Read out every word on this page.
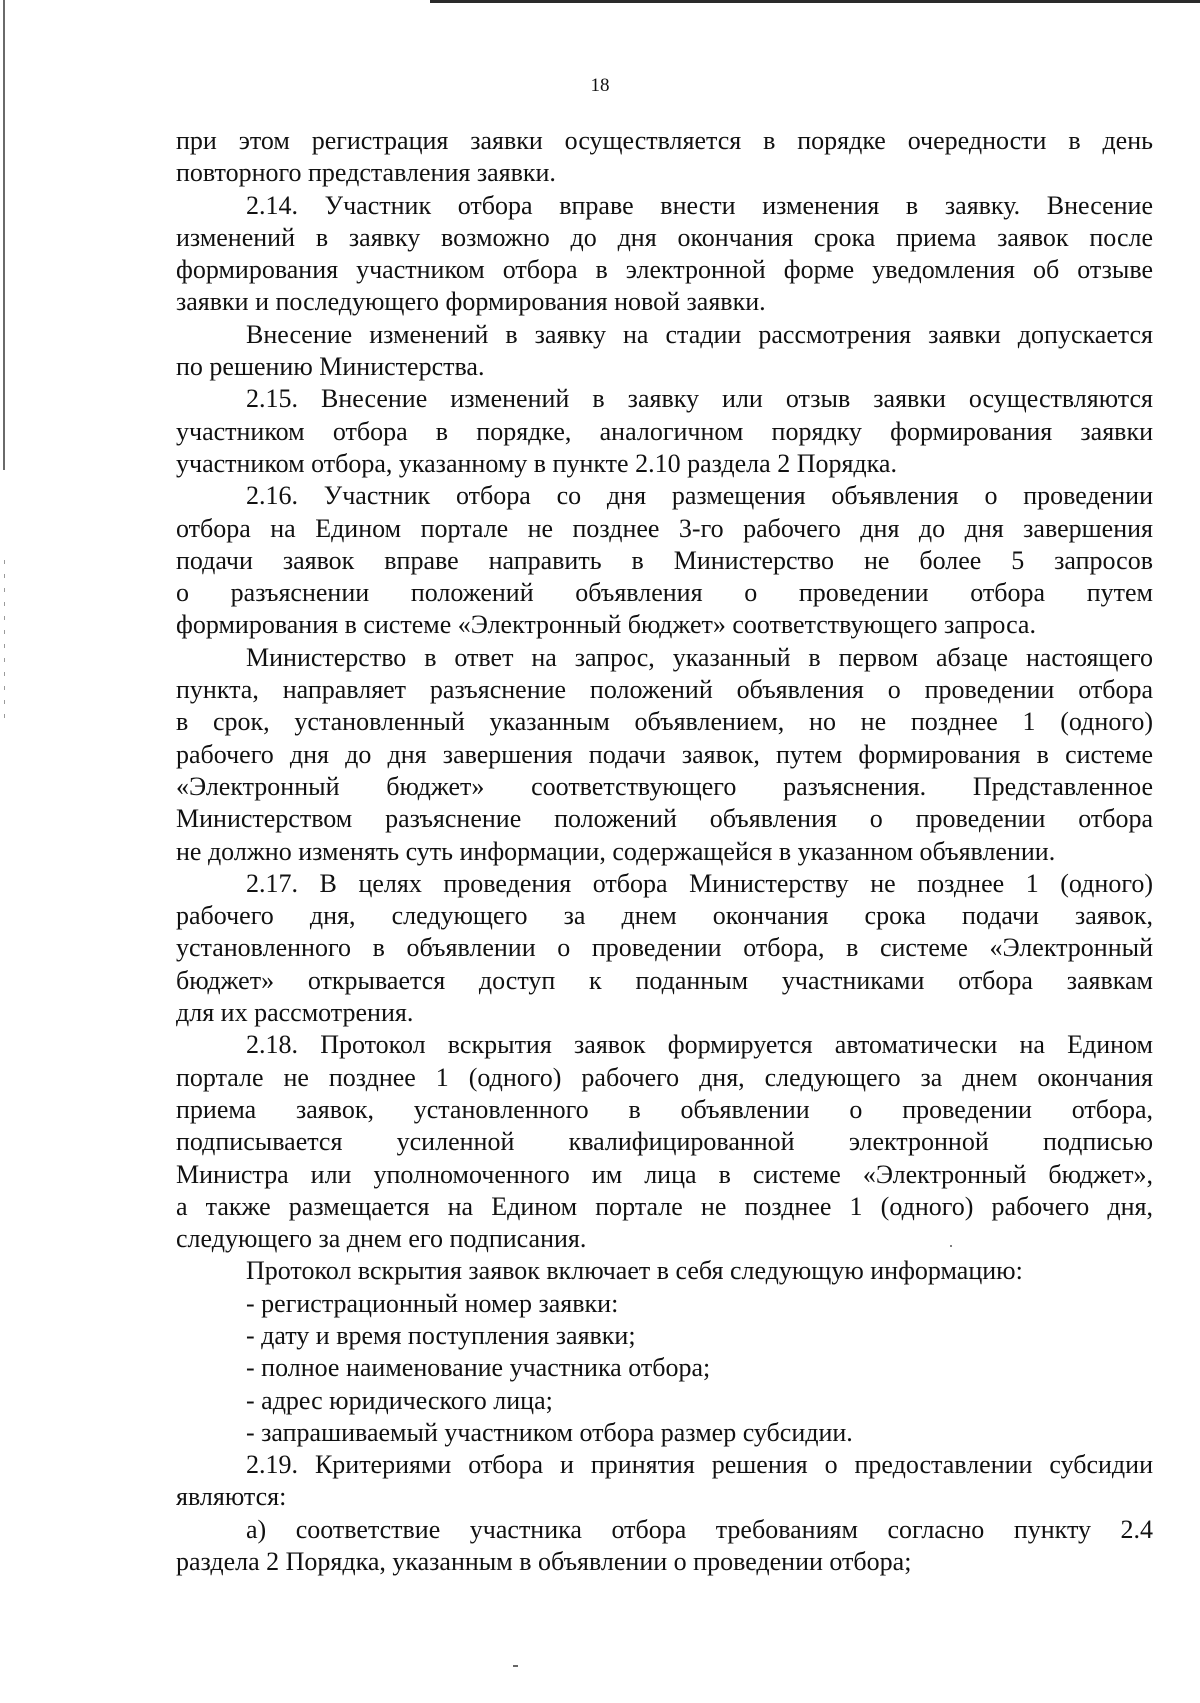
18

при этом регистрация заявки осуществляется в порядке очередности в день
повторного представления заявки.

2.14. Участник отбора вправе внести изменения в заявку. Внесение
изменений в заявку возможно до дня окончания срока приема заявок после
формирования участником отбора в электронной форме уведомления об отзыве
заявки и последующего формирования новой заявки.

Внесение изменений в заявку на стадии рассмотрения заявки допускается
по решению Министерства.

2.15. Внесение изменений в заявку или отзыв заявки осуществляются
участником отбора в порядке, аналогичном порядку формирования заявки
участником отбора, указанному в пункте 2.10 раздела 2 Порядка.

2.16. Участник отбора со дня размещения объявления о проведении
отбора на Едином портале не позднее 3-го рабочего дня до дня завершения
подачи заявок вправе направить в Министерство не более 5 запросов
о разъяснении положений объявления о проведении отбора путем
формирования в системе «Электронный бюджет» соответствующего запроса.

Министерство в ответ на запрос, указанный в первом абзаце настоящего
пункта, направляет разъяснение положений объявления о проведении отбора
в срок, установленный указанным объявлением, но не позднее 1 (одного)
рабочего дня до дня завершения подачи заявок, путем формирования в системе
«Электронный бюджет» соответствующего разъяснения. Представленное
Министерством разъяснение положений объявления о проведении отбора
не должно изменять суть информации, содержащейся в указанном объявлении.

2.17. В целях проведения отбора Министерству не позднее 1 (одного)
рабочего дня, следующего за днем окончания срока подачи заявок,
установленного в объявлении о проведении отбора, в системе «Электронный
бюджет» открывается доступ к поданным участниками отбора заявкам
для их рассмотрения.

2.18. Протокол вскрытия заявок формируется автоматически на Едином
портале не позднее 1 (одного) рабочего дня, следующего за днем окончания
приема заявок, установленного в объявлении о проведении отбора,
подписывается усиленной квалифицированной электронной подписью
Министра или уполномоченного им лица в системе «Электронный бюджет»,
а также размещается на Едином портале не позднее 1 (одного) рабочего дня,
следующего за днем его подписания.

Протокол вскрытия заявок включает в себя следующую информацию:

- регистрационный номер заявки:

- дату и время поступления заявки;

- полное наименование участника отбора;

- адрес юридического лица;

- запрашиваемый участником отбора размер субсидии.

2.19. Критериями отбора и принятия решения о предоставлении субсидии
являются:

а) соответствие участника отбора требованиям согласно пункту 2.4
раздела 2 Порядка, указанным в объявлении о проведении отбора;
